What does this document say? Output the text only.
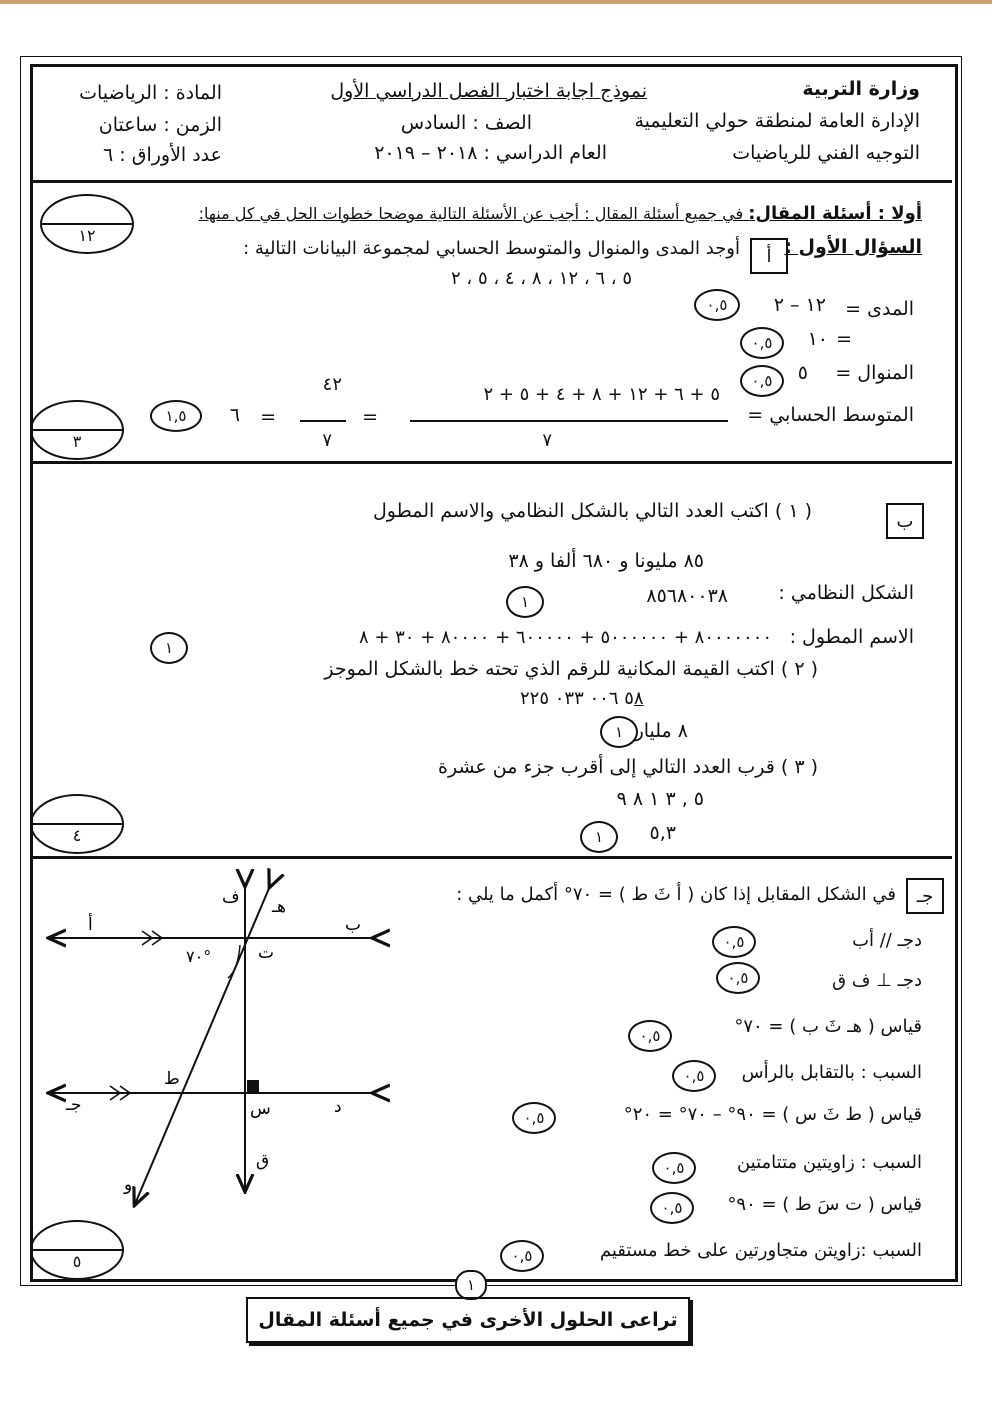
وزارة التربية
الإدارة العامة لمنطقة حولي التعليمية
التوجيه الفني للرياضيات
نموذج اجابة اختبار الفصل الدراسي الأول
الصف : السادس
العام الدراسي : ٢٠١٨ – ٢٠١٩
المادة : الرياضيات
الزمن : ساعتان
عدد الأوراق : ٦
١٢
أولا : أسئلة المقال: في جميع أسئلة المقال : أجب عن الأسئلة التالية موضحا خطوات الحل في كل منها:
السؤال الأول :
أ
أوجد المدى والمنوال والمتوسط الحسابي لمجموعة البيانات التالية :
٥ ، ٦ ، ١٢ ، ٨ ، ٤ ، ٥ ، ٢
المدى =
١٢ – ٢
٠,٥
=
١٠
٠,٥
المنوال =
٥
٠,٥
المتوسط الحسابي =
٥ + ٦ + ١٢ + ٨ + ٤ + ٥ + ٢
٧
=
٤٢
٧
=
٦
١,٥
٣
ب
( ١ ) اكتب العدد التالي بالشكل النظامي والاسم المطول
٨٥ مليونا و ٦٨٠ ألفا و ٣٨
الشكل النظامي :
٨٥٦٨٠٠٣٨
١
الاسم المطول :
٨٠٠٠٠٠٠٠ + ٥٠٠٠٠٠٠ + ٦٠٠٠٠٠ + ٨٠٠٠٠ + ٣٠ + ٨
١
( ٢ ) اكتب القيمة المكانية للرقم الذي تحته خط بالشكل الموجز
٥٨ ٠٠٦ ٠٣٣ ٢٢٥
٨ مليار
١
( ٣ ) قرب العدد التالي إلى أقرب جزء من عشرة
٥ , ٣ ١ ٨ ٩
٥,٣
١
٤
جـ
في الشكل المقابل إذا كان ( أ ثَ ط ) = ٧٠° أكمل ما يلي :
دجـ // أب
٠,٥
دجـ ⊥ ف ق
٠,٥
قياس ( هـ ثَ ب ) = ٧٠°
٠,٥
السبب : بالتقابل بالرأس
٠,٥
قياس ( ط ثَ س ) = ٩٠° – ٧٠° = ٢٠°
٠,٥
السبب : زاويتين متتامتين
٠,٥
قياس ( ت سَ ط ) = ٩٠°
٠,٥
السبب :زاويتن متجاورتين على خط مستقيم
٠,٥
٥
ب
أ
ف هـ
ت
٧٠°
ط
جـ	س	د
ق
و
١
تراعى الحلول الأخرى في جميع أسئلة المقال
